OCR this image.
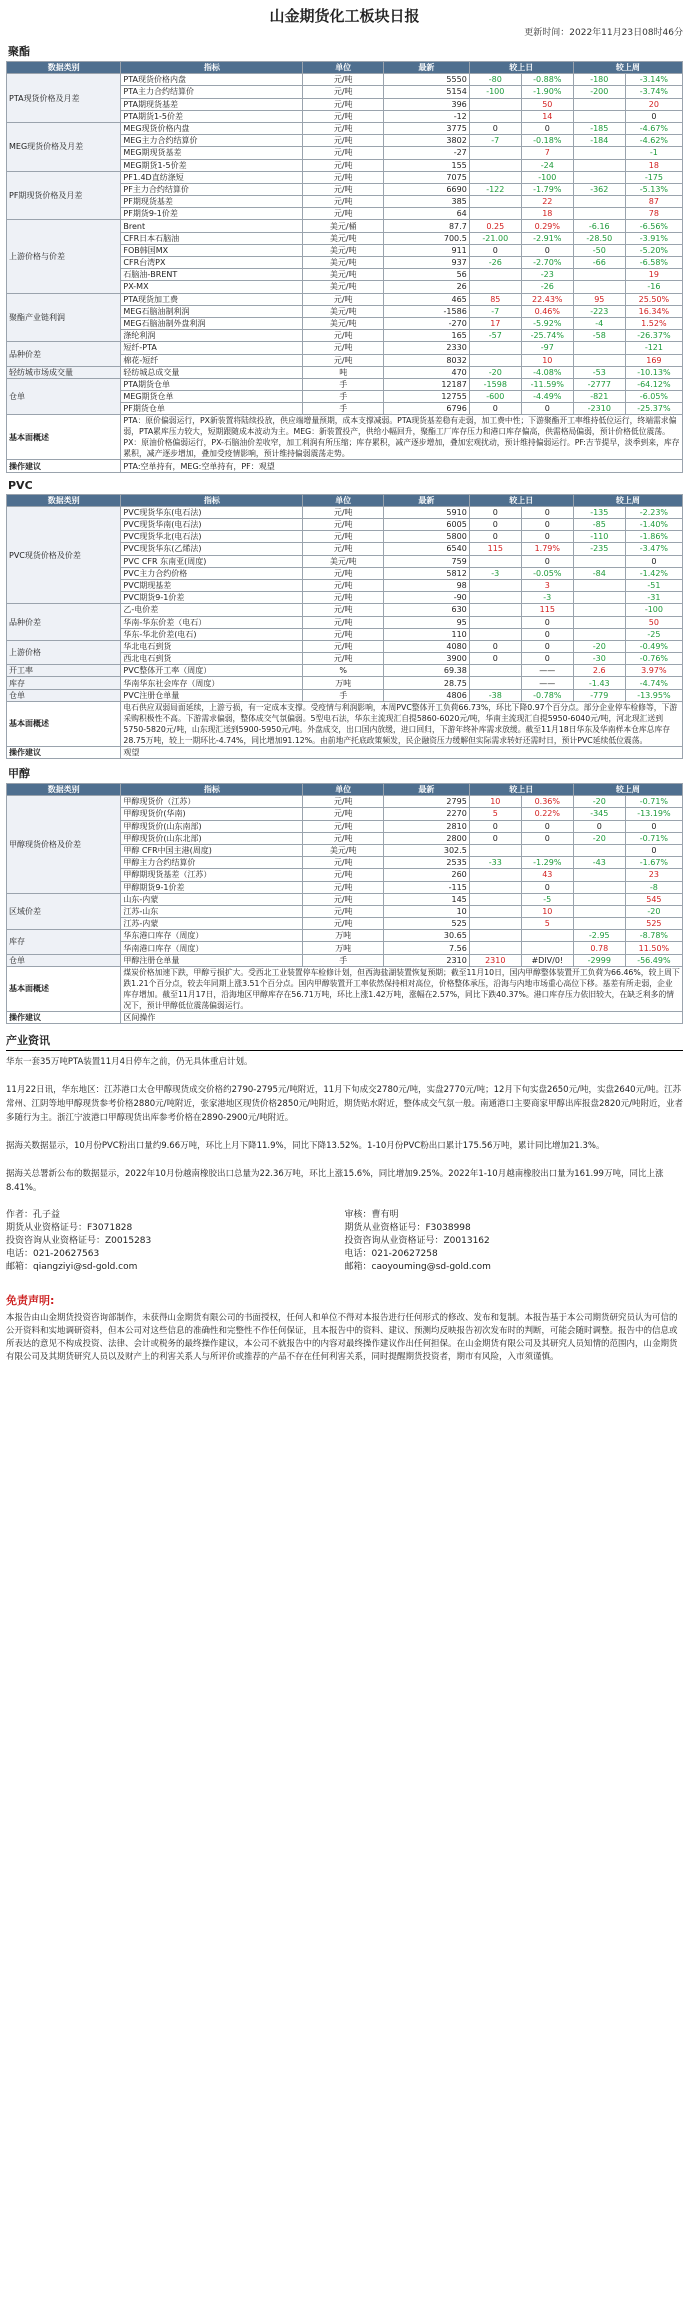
山金期货化工板块日报
更新时间：2022年11月23日08时46分
聚酯
数据类别	指标	单位	最新	较上日		较上周	
PTA现货价格及月差	PTA现货价格内盘	元/吨	5550	-80	-0.88%	-180	-3.14%
	PTA主力合约结算价	元/吨	5154	-100	-1.90%	-200	-3.74%
	PTA期现货基差	元/吨	396		50		20
	PTA期货1-5价差	元/吨	-12		14		0
MEG现货价格及月差	MEG现货价格内盘	元/吨	3775	0	0	-185	-4.67%
	MEG主力合约结算价	元/吨	3802	-7	-0.18%	-184	-4.62%
	MEG期现货基差	元/吨	-27		7		-1
	MEG期货1-5价差	元/吨	155		-24		18
PF期现货价格及月差	PF1.4D直纺涤短	元/吨	7075		-100		-175
	PF主力合约结算价	元/吨	6690	-122	-1.79%	-362	-5.13%
	PF期现货基差	元/吨	385		22		87
	PF期货9-1价差	元/吨	64		18		78
上游价格与价差	Brent	美元/桶	87.7	0.25	0.29%	-6.16	-6.56%
	CFR日本石脑油	美元/吨	700.5	-21.00	-2.91%	-28.50	-3.91%
	FOB韩国MX	美元/吨	911	0	0	-50	-5.20%
	CFR台湾PX	美元/吨	937	-26	-2.70%	-66	-6.58%
	石脑油-BRENT	美元/吨	56		-23		19
	PX-MX	美元/吨	26		-26		-16
聚酯产业链利润	PTA现货加工费	元/吨	465	85	22.43%	95	25.50%
	MEG石脑油制利润	美元/吨	-1586	-7	0.46%	-223	16.34%
	MEG石脑油制外盘利润	美元/吨	-270	17	-5.92%	-4	1.52%
	涤纶利润	元/吨	165	-57	-25.74%	-58	-26.37%
品种价差	短纤-PTA	元/吨	2330		-97		-121
	棉花-短纤	元/吨	8032		10		169
轻纺城市场成交量	轻纺城总成交量	吨	470	-20	-4.08%	-53	-10.13%
仓单	PTA期货仓单	手	12187	-1598	-11.59%	-2777	-64.12%
	MEG期货仓单	手	12755	-600	-4.49%	-821	-6.05%
	PF期货仓单	手	6796	0	0	-2310	-25.37%
基本面概述	PTA：原价偏弱运行，PX新装置将陆续投放，供应端增量预期，成本支撑减弱。PTA现货基差稳有走弱，加工费中性；下游聚酯开工率维持低位运行，终端需求偏弱，PTA累库压力较大，短期跟随成本波动为主。MEG：新装置投产，供给小幅回升，聚酯工厂库存压力和港口库存偏高，供需格局偏弱，预计价格低位震荡。PX：原油价格偏弱运行，PX-石脑油价差收窄，加工利润有所压缩；库存累积，减产逐步增加，叠加宏观扰动，预计维持偏弱运行。PF:吉节提早，淡季到来，库存累积，减产逐步增加，叠加受疫情影响，预计维持偏弱震荡走势。						
操作建议	PTA:空单持有，MEG:空单持有，PF：观望						
PVC
数据类别	指标	单位	最新	较上日		较上周	
PVC现货价格及价差	PVC现货华东(电石法)	元/吨	5910	0	0	-135	-2.23%
	PVC现货华南(电石法)	元/吨	6005	0	0	-85	-1.40%
	PVC现货华北(电石法)	元/吨	5800	0	0	-110	-1.86%
	PVC现货华东(乙烯法)	元/吨	6540	115	1.79%	-235	-3.47%
	PVC CFR 东南亚(周度)	美元/吨	759		0		0
	PVC主力合约价格	元/吨	5812	-3	-0.05%	-84	-1.42%
	PVC期现基差	元/吨	98		3		-51
	PVC期货9-1价差	元/吨	-90		-3		-31
品种价差	乙-电价差	元/吨	630		115		-100
	华南-华东价差（电石）	元/吨	95		0		50
	华东-华北价差(电石)	元/吨	110		0		-25
上游价格	华北电石到货	元/吨	4080	0	0	-20	-0.49%
	西北电石到货	元/吨	3900	0	0	-30	-0.76%
开工率	PVC整体开工率（周度）	%	69.38		——	2.6	3.97%
库存	华南华东社会库存（周度）	万吨	28.75		——	-1.43	-4.74%
仓单	PVC注册仓单量	手	4806	-38	-0.78%	-779	-13.95%
基本面概述	电石供应双弱局面延续，上游亏损，有一定成本支撑。受疫情与利润影响，本周PVC整体开工负荷66.73%，环比下降0.97个百分点。部分企业停车检修等，下游采购积极性不高。下游需求偏弱，整体成交气氛偏弱。5型电石法，华东主流现汇自提5860-6020元/吨，华南主流现汇自提5950-6040元/吨，河北现汇送到5750-5820元/吨，山东现汇送到5900-5950元/吨。外盘成交，出口国内放缓，进口回归，下游年终补库需求放缓。截至11月18日华东及华南样本仓库总库存28.75万吨，较上一期环比-4.74%，同比增加91.12%。由前地产托底政策频发，民企融资压力缓解但实际需求转好还需时日，预计PVC延续低位震荡。						
操作建议	观望						
甲醇
数据类别	指标	单位	最新	较上日		较上周	
甲醇现货价格及价差	甲醇现货价（江苏）	元/吨	2795	10	0.36%	-20	-0.71%
	甲醇现货价(华南)	元/吨	2270	5	0.22%	-345	-13.19%
	甲醇现货价(山东南部)	元/吨	2810	0	0	0	0
	甲醇现货价(山东北部)	元/吨	2800	0	0	-20	-0.71%
	甲醇 CFR中国主港(周度)	美元/吨	302.5				0
	甲醇主力合约结算价	元/吨	2535	-33	-1.29%	-43	-1.67%
	甲醇期现货基差（江苏）	元/吨	260		43		23
	甲醇期货9-1价差	元/吨	-115		0		-8
区域价差	山东-内蒙	元/吨	145		-5		545
	江苏-山东	元/吨	10		10		-20
	江苏-内蒙	元/吨	525		5		525
库存	华东港口库存（周度）	万吨	30.65			-2.95	-8.78%
	华南港口库存（周度）	万吨	7.56			0.78	11.50%
仓单	甲醇注册仓单量	手	2310	2310	#DIV/0!	-2999	-56.49%
基本面概述	煤炭价格加速下跌，甲醇亏损扩大。受西北工业装置停车检修计划，但西海盐湖装置恢复预期；截至11月10日，国内甲醇整体装置开工负荷为66.46%，较上周下跌1.21个百分点，较去年同期上涨3.51个百分点。国内甲醇装置开工率依然保持相对高位，价格整体承压，沿海与内地市场重心高位下移。基差有所走弱，企业库存增加。截至11月17日，沿海地区甲醇库存在56.71万吨，环比上涨1.42万吨，涨幅在2.57%，同比下跌40.37%。港口库存压力依旧较大，在缺乏利多的情况下，预计甲醇低位震荡偏弱运行。						
操作建议	区间操作						
产业资讯

华东一套35万吨PTA装置11月4日停车之前，仍无具体重启计划。

11月22日讯，华东地区：江苏港口太仓甲醇现货成交价格约2790-2795元/吨附近，11月下旬成交2780元/吨，实盘2770元/吨；12月下旬实盘2650元/吨，实盘2640元/吨。江苏常州、江阴等地甲醇现货参考价格2880元/吨附近，张家港地区现货价格2850元/吨附近，期货贴水附近，整体成交气氛一般。南通港口主要商家甲醇出库报盘2820元/吨附近，业者多随行为主。浙江宁波港口甲醇现货出库参考价格在2890-2900元/吨附近。

据海关数据显示，10月份PVC粉出口量约9.66万吨，环比上月下降11.9%，同比下降13.52%。1-10月份PVC粉出口累计175.56万吨，累计同比增加21.3%。

据海关总署新公布的数据显示，2022年10月份越南橡胶出口总量为22.36万吨，环比上涨15.6%，同比增加9.25%。2022年1-10月越南橡胶出口量为161.99万吨，同比上涨8.41%。

作者：孔子益
期货从业资格证号：F3071828
投资咨询从业资格证号：Z0015283
电话：021-20627563
邮箱：qiangziyi@sd-gold.com
审核：曹有明
期货从业资格证号：F3038998
投资咨询从业资格证号：Z0013162
电话：021-20627258
邮箱：caoyouming@sd-gold.com
免责声明:

本报告由山金期货投资咨询部制作，未获得山金期货有限公司的书面授权，任何人和单位不得对本报告进行任何形式的修改、发布和复制。本报告基于本公司期货研究员认为可信的公开资料和实地调研资料，但本公司对这些信息的准确性和完整性不作任何保证，且本报告中的资料、建议、预测均反映报告初次发布时的判断，可能会随时调整。报告中的信息或所表达的意见不构成投资、法律、会计或税务的最终操作建议，本公司不就报告中的内容对最终操作建议作出任何担保。在山金期货有限公司及其研究人员知情的范围内，山金期货有限公司及其期货研究人员以及财产上的利害关系人与所评价或推荐的产品不存在任何利害关系，同时提醒期货投资者，期市有风险，入市须谨慎。
